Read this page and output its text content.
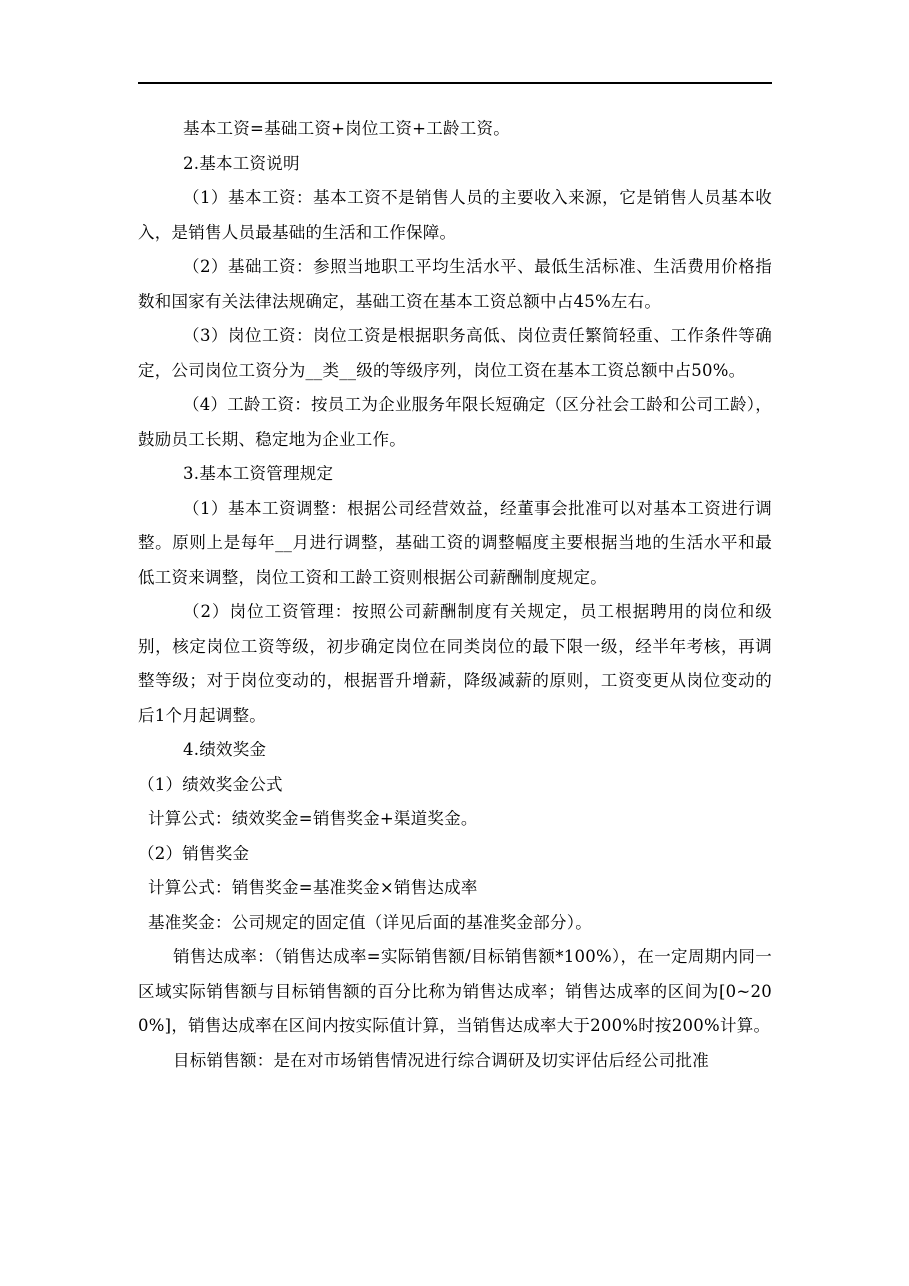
基本工资=基础工资+岗位工资+工龄工资。

2.基本工资说明

（1）基本工资：基本工资不是销售人员的主要收入来源，它是销售人员基本收入，是销售人员最基础的生活和工作保障。

（2）基础工资：参照当地职工平均生活水平、最低生活标准、生活费用价格指数和国家有关法律法规确定，基础工资在基本工资总额中占45%左右。

（3）岗位工资：岗位工资是根据职务高低、岗位责任繁简轻重、工作条件等确定，公司岗位工资分为__类__级的等级序列，岗位工资在基本工资总额中占50%。

（4）工龄工资：按员工为企业服务年限长短确定（区分社会工龄和公司工龄），鼓励员工长期、稳定地为企业工作。

3.基本工资管理规定

（1）基本工资调整：根据公司经营效益，经董事会批准可以对基本工资进行调整。原则上是每年__月进行调整，基础工资的调整幅度主要根据当地的生活水平和最低工资来调整，岗位工资和工龄工资则根据公司薪酬制度规定。

（2）岗位工资管理：按照公司薪酬制度有关规定，员工根据聘用的岗位和级别，核定岗位工资等级，初步确定岗位在同类岗位的最下限一级，经半年考核，再调整等级；对于岗位变动的，根据晋升增薪，降级减薪的原则，工资变更从岗位变动的后1个月起调整。

4.绩效奖金

（1）绩效奖金公式

计算公式：绩效奖金=销售奖金+渠道奖金。

（2）销售奖金

计算公式：销售奖金=基准奖金×销售达成率

基准奖金：公司规定的固定值（详见后面的基准奖金部分）。

销售达成率：（销售达成率=实际销售额/目标销售额*100%），在一定周期内同一区域实际销售额与目标销售额的百分比称为销售达成率；销售达成率的区间为[0~200%]，销售达成率在区间内按实际值计算，当销售达成率大于200%时按200%计算。

目标销售额：是在对市场销售情况进行综合调研及切实评估后经公司批准
